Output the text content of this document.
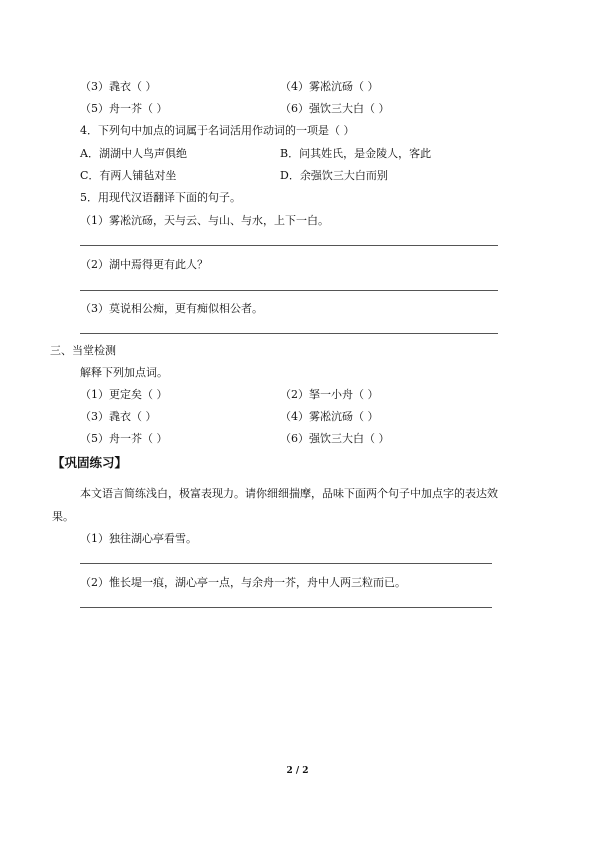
（3）毳衣（ ）	（4）雾凇沆砀（ ）
（5）舟一芥（ ）	（6）强饮三大白（ ）
4．下列句中加点的词属于名词活用作动词的一项是（ ）
A．湖湖中人鸟声俱绝	B．问其姓氏，是金陵人，客此
C．有两人铺毡对坐	D．余强饮三大白而别
5．用现代汉语翻译下面的句子。
（1）雾凇沆砀，天与云、与山、与水，上下一白。
（2）湖中焉得更有此人？
（3）莫说相公痴，更有痴似相公者。
三、当堂检测
解释下列加点词。
（1）更定矣（ ）	（2）拏一小舟（ ）
（3）毳衣（ ）	（4）雾凇沆砀（ ）
（5）舟一芥（ ）	（6）强饮三大白（ ）
【巩固练习】
本文语言简练浅白，极富表现力。请你细细揣摩，品味下面两个句子中加点字的表达效
果。
（1）独往湖心亭看雪。
（2）惟长堤一痕，湖心亭一点，与余舟一芥，舟中人两三粒而已。
2 / 2
